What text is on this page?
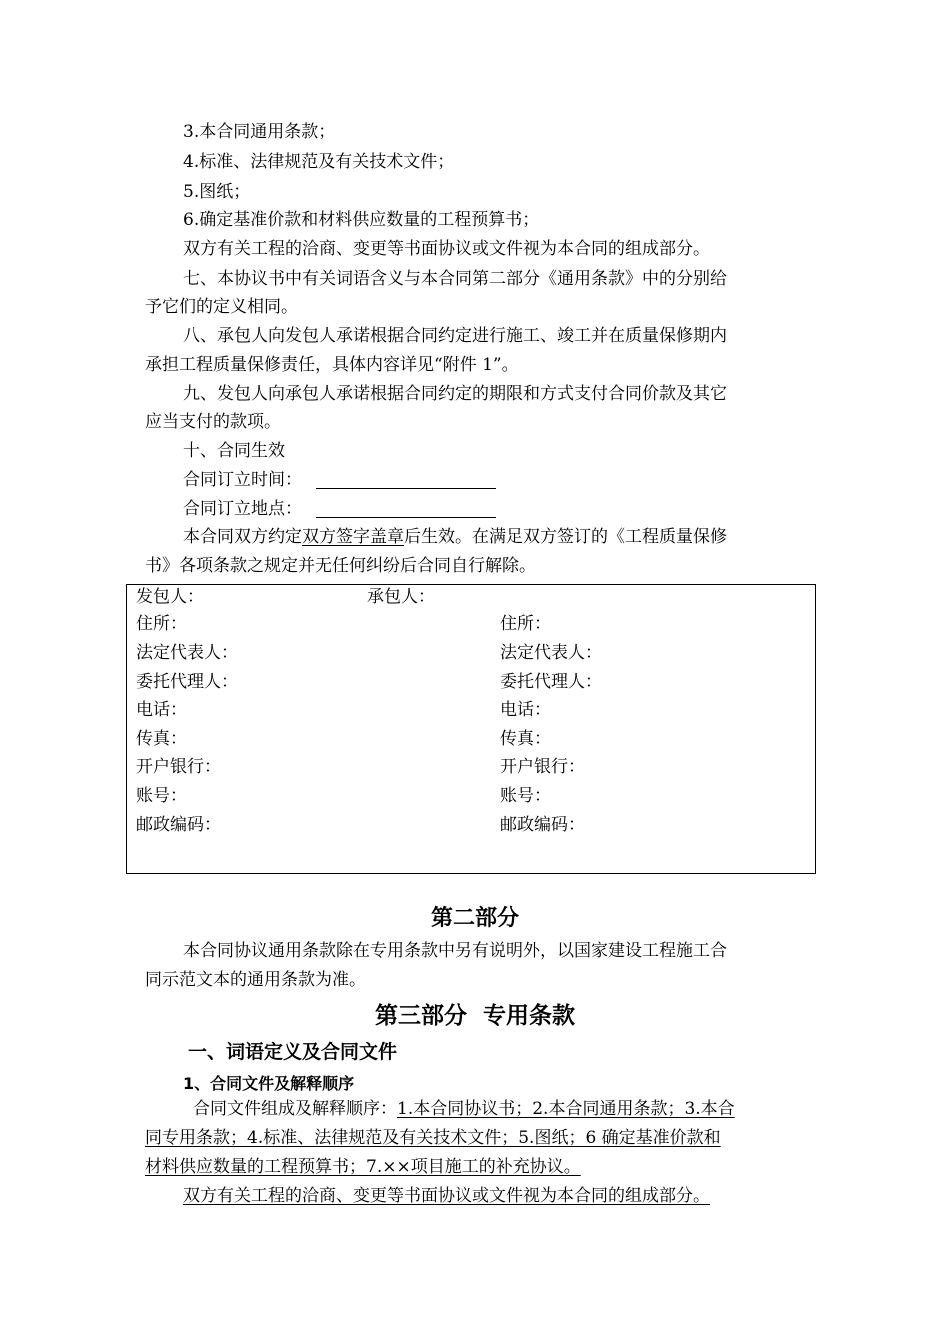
3.本合同通用条款；
4.标准、法律规范及有关技术文件；
5.图纸；
6.确定基准价款和材料供应数量的工程预算书；
双方有关工程的洽商、变更等书面协议或文件视为本合同的组成部分。
七、本协议书中有关词语含义与本合同第二部分《通用条款》中的分别给
予它们的定义相同。
八、承包人向发包人承诺根据合同约定进行施工、竣工并在质量保修期内
承担工程质量保修责任，具体内容详见“附件 1”。
九、发包人向承包人承诺根据合同约定的期限和方式支付合同价款及其它
应当支付的款项。
十、合同生效
合同订立时间：
合同订立地点：
本合同双方约定双方签字盖章后生效。在满足双方签订的《工程质量保修
书》各项条款之规定并无任何纠纷后合同自行解除。
发包人：	承包人：
住所：	住所：
法定代表人：	法定代表人：
委托代理人：	委托代理人：
电话：	电话：
传真：	传真：
开户银行：	开户银行：
账号：	账号：
邮政编码：	邮政编码：
第二部分
本合同协议通用条款除在专用条款中另有说明外，以国家建设工程施工合
同示范文本的通用条款为准。
第三部分  专用条款
一、词语定义及合同文件
1、合同文件及解释顺序
合同文件组成及解释顺序：1.本合同协议书；2.本合同通用条款；3.本合
同专用条款；4.标准、法律规范及有关技术文件；5.图纸；6 确定基准价款和
材料供应数量的工程预算书；7.××项目施工的补充协议。
双方有关工程的洽商、变更等书面协议或文件视为本合同的组成部分。
